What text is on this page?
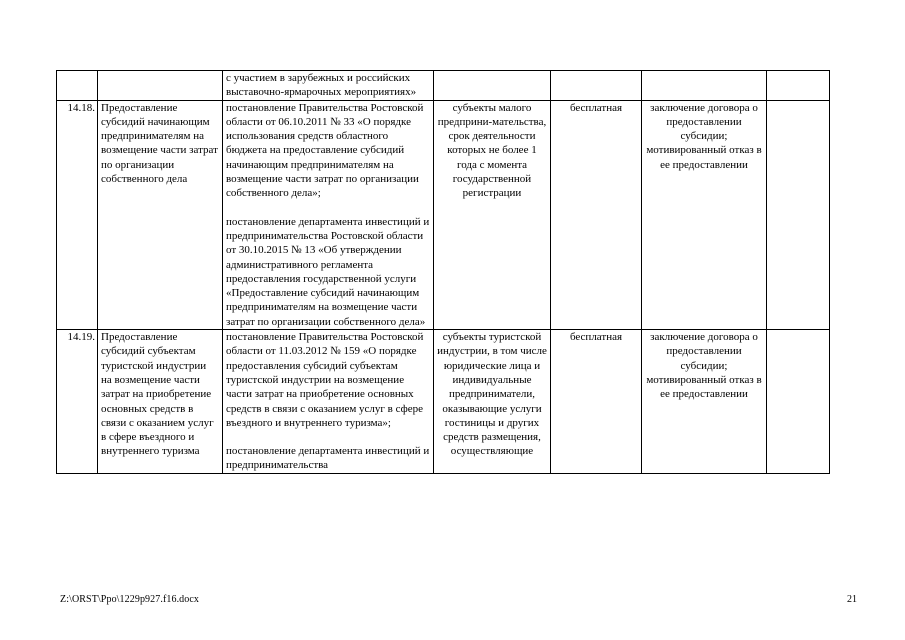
		с участием в зарубежных и российских выставочно-ярмарочных мероприятиях»				

14.18.	Предоставление субсидий начинающим предпринимателям на возмещение части затрат по организации собственного дела	постановление Правительства Ростовской области от 06.10.2011 № 33 «О порядке использования средств областного бюджета на предоставление субсидий начинающим предпринимателям на возмещение части затрат по организации собственного дела»;
постановление департамента инвестиций и предпринимательства Ростовской области от 30.10.2015 № 13 «Об утверждении административного регламента предоставления государственной услуги «Предоставление субсидий начинающим предпринимателям на возмещение части затрат по организации собственного дела»	субъекты малого предприни-мательства, срок деятельности которых не более 1 года с момента государственной регистрации	бесплатная	заключение договора о предоставлении субсидии; мотивированный отказ в ее предоставлении	
14.19.	Предоставление субсидий субъектам туристской индустрии на возмещение части затрат на приобретение основных средств в связи с оказанием услуг в сфере въездного и внутреннего туризма	постановление Правительства Ростовской области от 11.03.2012 № 159 «О порядке предоставления субсидий субъектам туристской индустрии на возмещение части затрат на приобретение основных средств в связи с оказанием услуг в сфере въездного и внутреннего туризма»;
постановление департамента инвестиций и предпринимательства	субъекты туристской индустрии, в том числе юридические лица и индивидуальные предприниматели, оказывающие услуги гостиницы и других средств размещения, осуществляющие	бесплатная	заключение договора о предоставлении субсидии; мотивированный отказ в ее предоставлении	
Z:\ORST\Ppo\1229p927.f16.docx	21
